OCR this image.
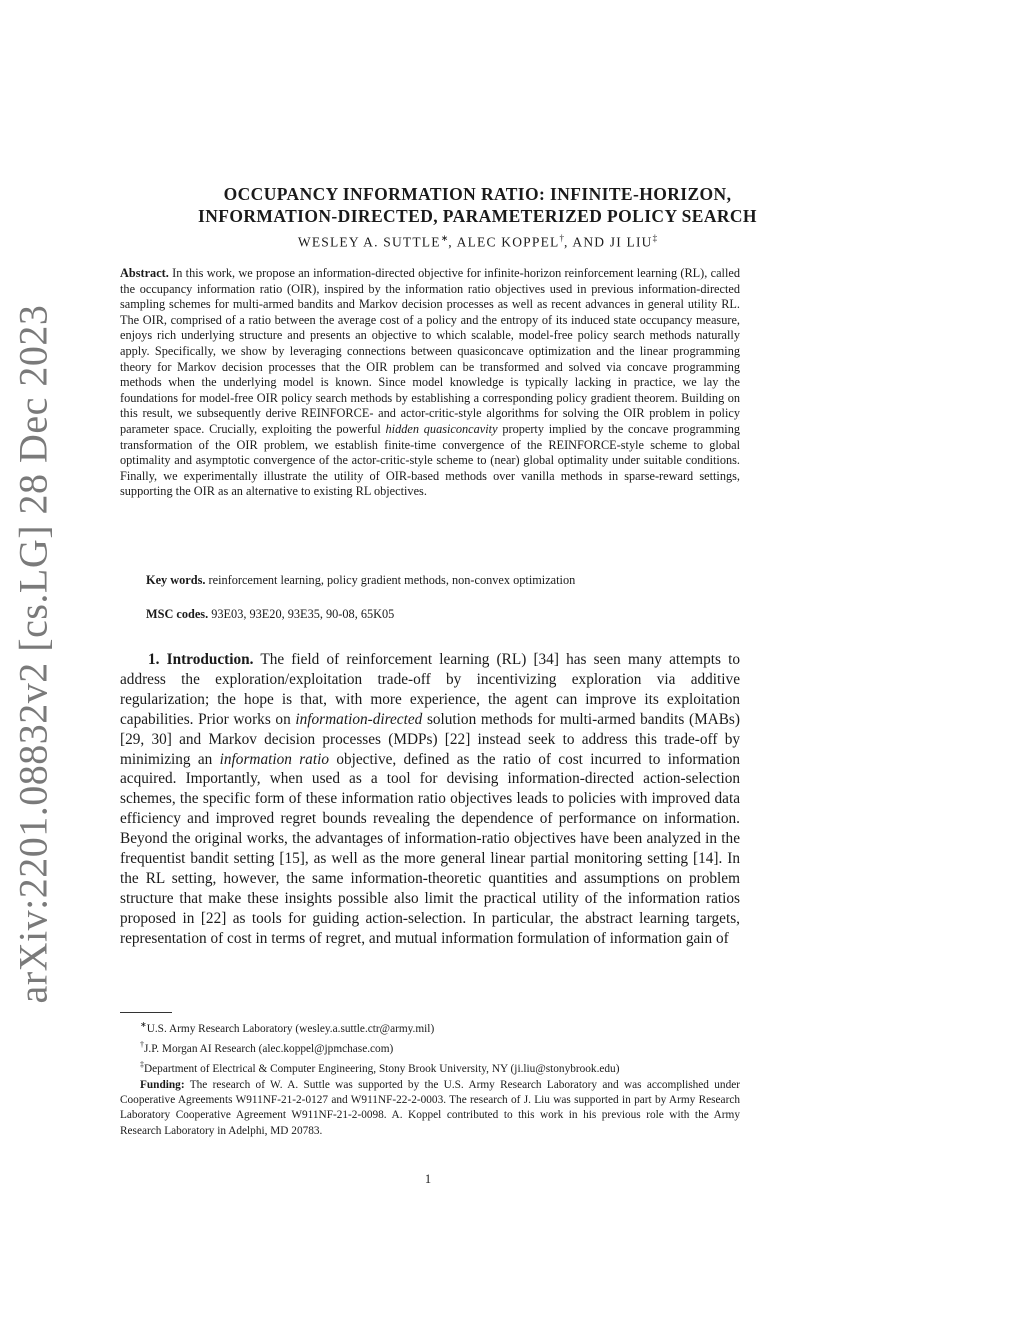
arXiv:2201.08832v2 [cs.LG] 28 Dec 2023
OCCUPANCY INFORMATION RATIO: INFINITE-HORIZON,
INFORMATION-DIRECTED, PARAMETERIZED POLICY SEARCH
WESLEY A. SUTTLE∗, ALEC KOPPEL†, AND JI LIU‡

Abstract. In this work, we propose an information-directed objective for infinite-horizon reinforcement learning (RL), called the occupancy information ratio (OIR), inspired by the information ratio objectives used in previous information-directed sampling schemes for multi-armed bandits and Markov decision processes as well as recent advances in general utility RL. The OIR, comprised of a ratio between the average cost of a policy and the entropy of its induced state occupancy measure, enjoys rich underlying structure and presents an objective to which scalable, model-free policy search methods naturally apply. Specifically, we show by leveraging connections between quasiconcave optimization and the linear programming theory for Markov decision processes that the OIR problem can be transformed and solved via concave programming methods when the underlying model is known. Since model knowledge is typically lacking in practice, we lay the foundations for model-free OIR policy search methods by establishing a corresponding policy gradient theorem. Building on this result, we subsequently derive REINFORCE- and actor-critic-style algorithms for solving the OIR problem in policy parameter space. Crucially, exploiting the powerful hidden quasiconcavity property implied by the concave programming transformation of the OIR problem, we establish finite-time convergence of the REINFORCE-style scheme to global optimality and asymptotic convergence of the actor-critic-style scheme to (near) global optimality under suitable conditions. Finally, we experimentally illustrate the utility of OIR-based methods over vanilla methods in sparse-reward settings, supporting the OIR as an alternative to existing RL objectives.

Key words. reinforcement learning, policy gradient methods, non-convex optimization
MSC codes. 93E03, 93E20, 93E35, 90-08, 65K05

1. Introduction. The field of reinforcement learning (RL) [34] has seen many attempts to address the exploration/exploitation trade-off by incentivizing exploration via additive regularization; the hope is that, with more experience, the agent can improve its exploitation capabilities. Prior works on information-directed solution methods for multi-armed bandits (MABs) [29, 30] and Markov decision processes (MDPs) [22] instead seek to address this trade-off by minimizing an information ratio objective, defined as the ratio of cost incurred to information acquired. Importantly, when used as a tool for devising information-directed action-selection schemes, the specific form of these information ratio objectives leads to policies with improved data efficiency and improved regret bounds revealing the dependence of performance on information. Beyond the original works, the advantages of information-ratio objectives have been analyzed in the frequentist bandit setting [15], as well as the more general linear partial monitoring setting [14]. In the RL setting, however, the same information-theoretic quantities and assumptions on problem structure that make these insights possible also limit the practical utility of the information ratios proposed in [22] as tools for guiding action-selection. In particular, the abstract learning targets, representation of cost in terms of regret, and mutual information formulation of information gain of

∗U.S. Army Research Laboratory (wesley.a.suttle.ctr@army.mil)

†J.P. Morgan AI Research (alec.koppel@jpmchase.com)

‡Department of Electrical & Computer Engineering, Stony Brook University, NY (ji.liu@stonybrook.edu)

Funding: The research of W. A. Suttle was supported by the U.S. Army Research Laboratory and was accomplished under Cooperative Agreements W911NF-21-2-0127 and W911NF-22-2-0003. The research of J. Liu was supported in part by Army Research Laboratory Cooperative Agreement W911NF-21-2-0098. A. Koppel contributed to this work in his previous role with the Army Research Laboratory in Adelphi, MD 20783.

1
